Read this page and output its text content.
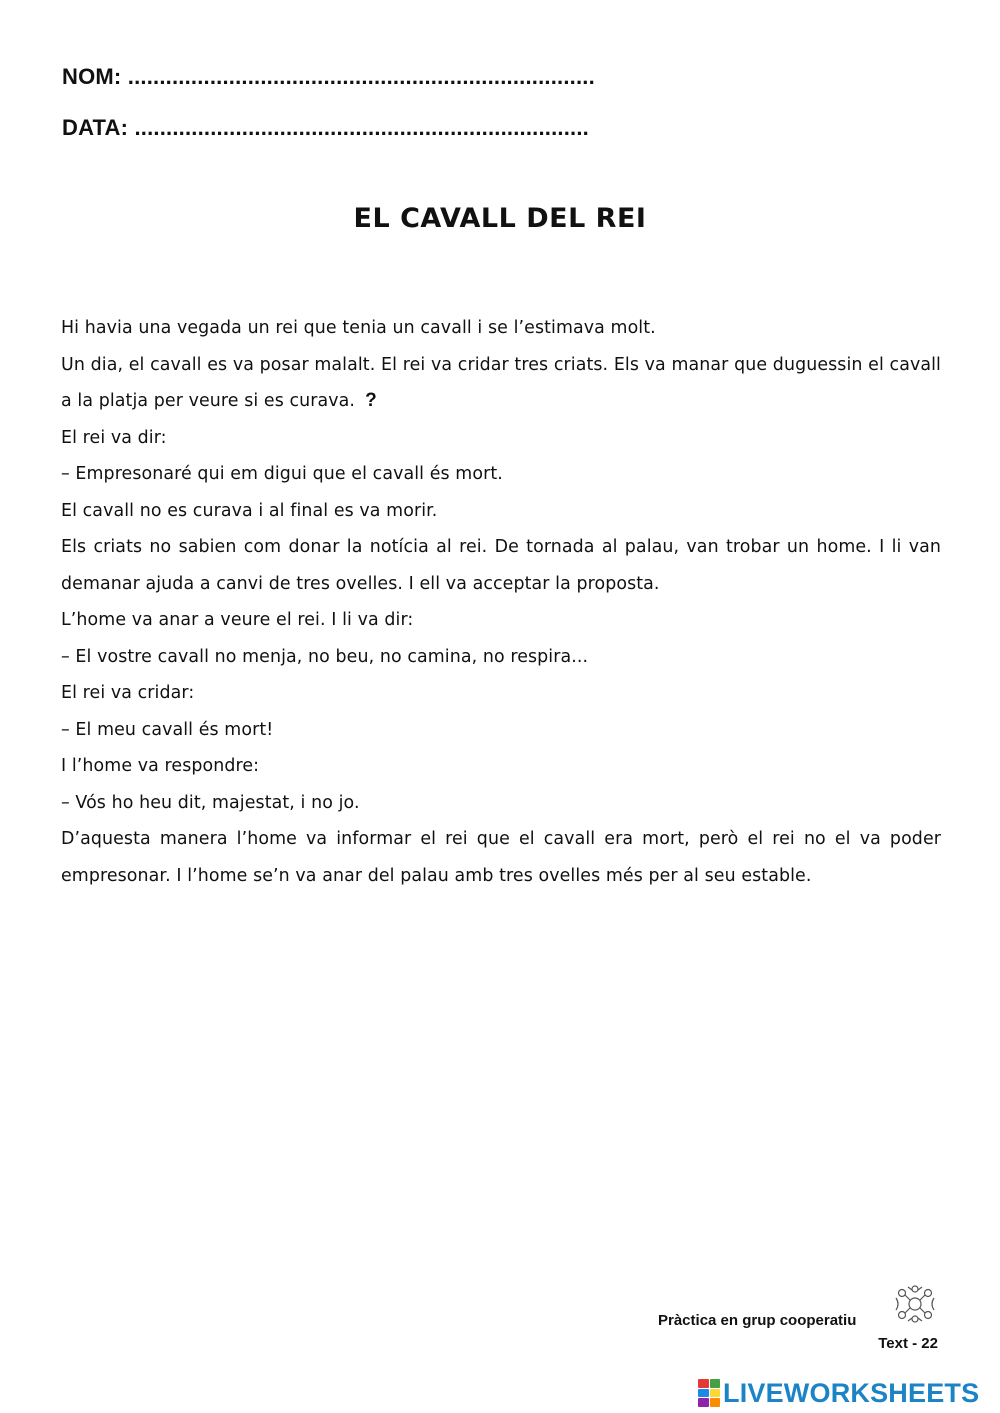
NOM: ..........................................................................
DATA: ........................................................................
EL CAVALL DEL REI

Hi havia una vegada un rei que tenia un cavall i se l’estimava molt.

Un dia, el cavall es va posar malalt. El rei va cridar tres criats. Els va manar que duguessin el cavall a la platja per veure si es curava. ?

El rei va dir:

– Empresonaré qui em digui que el cavall és mort.

El cavall no es curava i al final es va morir.

Els criats no sabien com donar la notícia al rei. De tornada al palau, van trobar un home. I li van demanar ajuda a canvi de tres ovelles. I ell va acceptar la proposta.

L’home va anar a veure el rei. I li va dir:

– El vostre cavall no menja, no beu, no camina, no respira...

El rei va cridar:

– El meu cavall és mort!

I l’home va respondre:

– Vós ho heu dit, majestat, i no jo.

D’aquesta manera l’home va informar el rei que el cavall era mort, però el rei no el va poder empresonar. I l’home se’n va anar del palau amb tres ovelles més per al seu estable.

Pràctica en grup cooperatiu
Text - 22
LIVEWORKSHEETS
